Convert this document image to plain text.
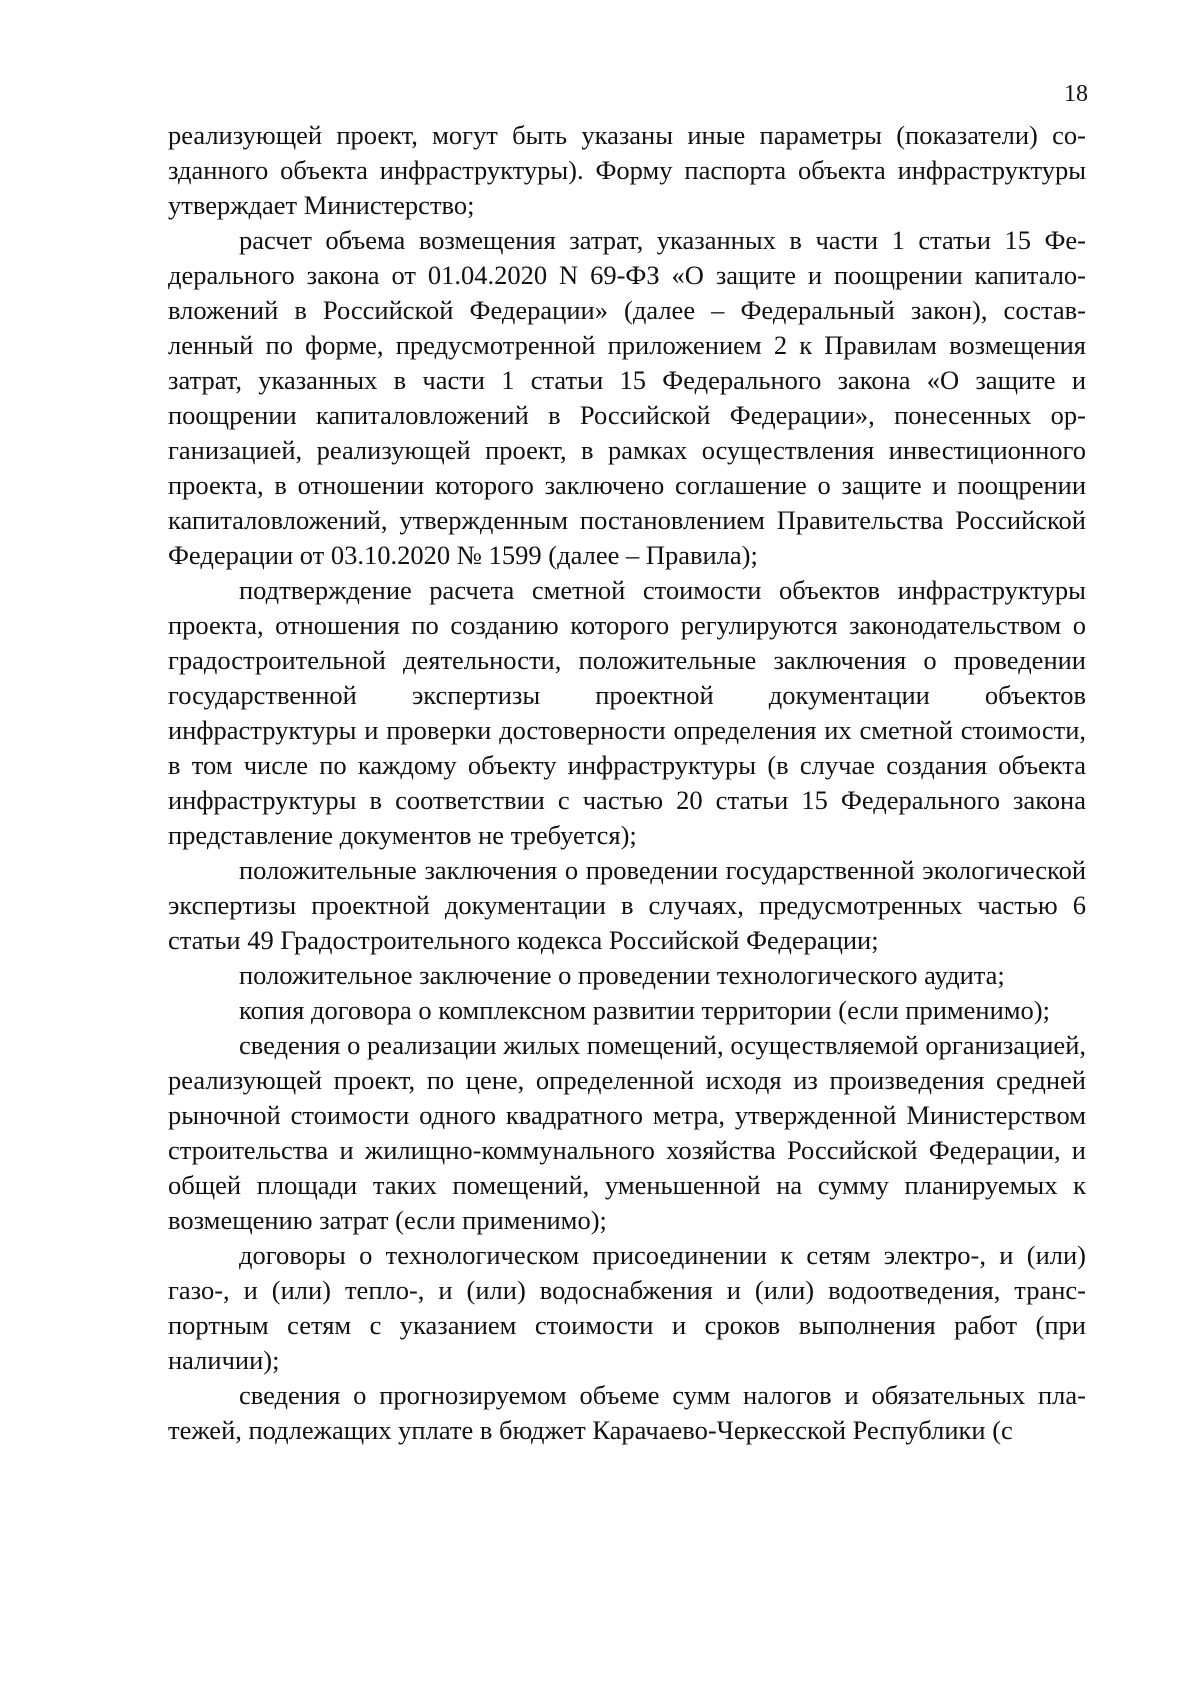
18

реализующей проект, могут быть указаны иные параметры (показатели) созданного объекта инфраструктуры). Форму паспорта объекта инфраструктуры утверждает Министерство;

расчет объема возмещения затрат, указанных в части 1 статьи 15 Федерального закона от 01.04.2020 N 69-ФЗ «О защите и поощрении капиталовложений в Российской Федерации» (далее – Федеральный закон), составленный по форме, предусмотренной приложением 2 к Правилам возмещения затрат, указанных в части 1 статьи 15 Федерального закона «О защите и поощрении капиталовложений в Российской Федерации», понесенных организацией, реализующей проект, в рамках осуществления инвестиционного проекта, в отношении которого заключено соглашение о защите и поощрении капиталовложений, утвержденным постановлением Правительства Российской Федерации от 03.10.2020 № 1599 (далее – Правила);

подтверждение расчета сметной стоимости объектов инфраструктуры проекта, отношения по созданию которого регулируются законодательством о градостроительной деятельности, положительные заключения о проведении государственной экспертизы проектной документации объектов инфраструктуры и проверки достоверности определения их сметной стоимости, в том числе по каждому объекту инфраструктуры (в случае создания объекта инфраструктуры в соответствии с частью 20 статьи 15 Федерального закона представление документов не требуется);

положительные заключения о проведении государственной экологической экспертизы проектной документации в случаях, предусмотренных частью 6 статьи 49 Градостроительного кодекса Российской Федерации;

положительное заключение о проведении технологического аудита;

копия договора о комплексном развитии территории (если применимо);

сведения о реализации жилых помещений, осуществляемой организацией, реализующей проект, по цене, определенной исходя из произведения средней рыночной стоимости одного квадратного метра, утвержденной Министерством строительства и жилищно-коммунального хозяйства Российской Федерации, и общей площади таких помещений, уменьшенной на сумму планируемых к возмещению затрат (если применимо);

договоры о технологическом присоединении к сетям электро-, и (или) газо-, и (или) тепло-, и (или) водоснабжения и (или) водоотведения, транспортным сетям с указанием стоимости и сроков выполнения работ (при наличии);

сведения о прогнозируемом объеме сумм налогов и обязательных платежей, подлежащих уплате в бюджет Карачаево-Черкесской Республики (с
